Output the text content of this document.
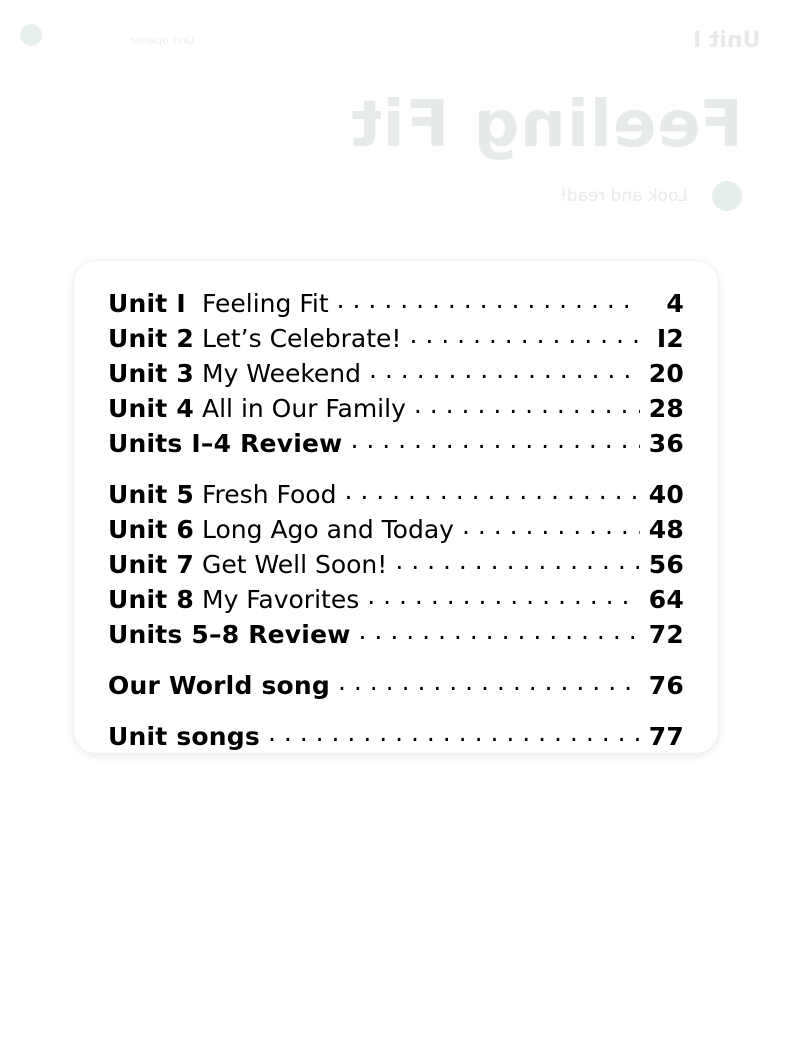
Unit opener	Unit I
Feeling Fit
Look and read!
Unit I Feeling Fit . . .	4
Unit 2 Let’s Celebrate! . . .	I2
Unit 3 My Weekend . . .	20
Unit 4 All in Our Family . . .	28
Units I–4 Review . . .	36
Unit 5 Fresh Food . . .	40
Unit 6 Long Ago and Today . . .	48
Unit 7 Get Well Soon! . . .	56
Unit 8 My Favorites . . .	64
Units 5–8 Review . . .	72
Our World song . . .	76
Unit songs . . .	77
